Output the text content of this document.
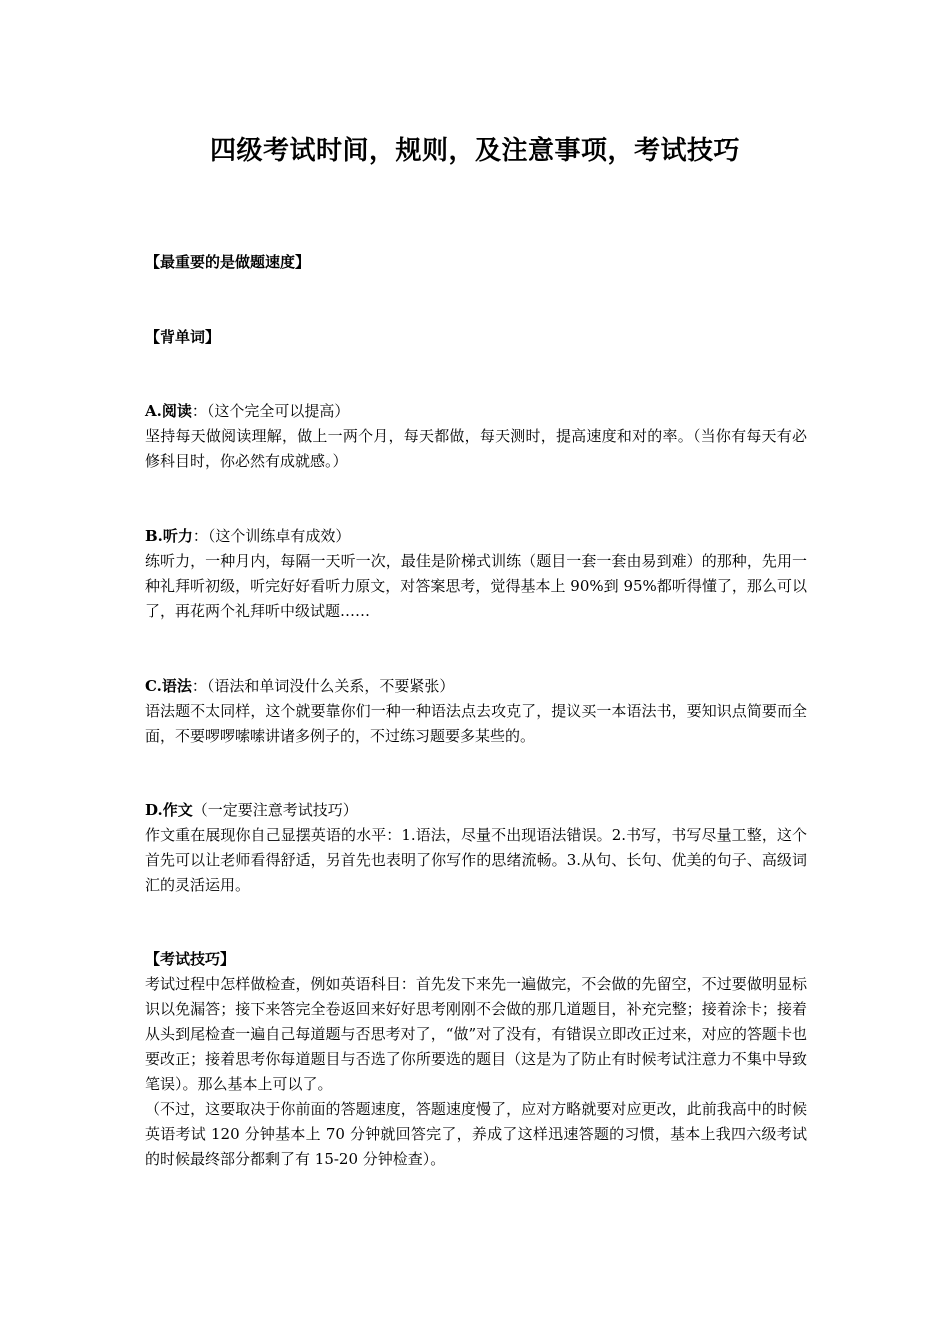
四级考试时间，规则，及注意事项，考试技巧
【最重要的是做题速度】
【背单词】
A.阅读：（这个完全可以提高）
坚持每天做阅读理解，做上一两个月，每天都做，每天测时，提高速度和对的率。（当你有每天有必修科目时，你必然有成就感。）
B.听力：（这个训练卓有成效）
练听力，一种月内，每隔一天听一次，最佳是阶梯式训练（题目一套一套由易到难）的那种，先用一种礼拜听初级，听完好好看听力原文，对答案思考，觉得基本上 90%到 95%都听得懂了，那么可以了，再花两个礼拜听中级试题……
C.语法：（语法和单词没什么关系，不要紧张）
语法题不太同样，这个就要靠你们一种一种语法点去攻克了，提议买一本语法书，要知识点简要而全面，不要啰啰嗦嗦讲诸多例子的，不过练习题要多某些的。
D.作文（一定要注意考试技巧）
作文重在展现你自己显摆英语的水平：1.语法，尽量不出现语法错误。2.书写，书写尽量工整，这个首先可以让老师看得舒适，另首先也表明了你写作的思绪流畅。3.从句、长句、优美的句子、高级词汇的灵活运用。
【考试技巧】
考试过程中怎样做检查，例如英语科目：首先发下来先一遍做完，不会做的先留空，不过要做明显标识以免漏答；接下来答完全卷返回来好好思考刚刚不会做的那几道题目，补充完整；接着涂卡；接着从头到尾检查一遍自己每道题与否思考对了，“做”对了没有，有错误立即改正过来，对应的答题卡也要改正；接着思考你每道题目与否选了你所要选的题目（这是为了防止有时候考试注意力不集中导致笔误）。那么基本上可以了。
（不过，这要取决于你前面的答题速度，答题速度慢了，应对方略就要对应更改，此前我高中的时候英语考试 120 分钟基本上 70 分钟就回答完了，养成了这样迅速答题的习惯，基本上我四六级考试的时候最终部分都剩了有 15-20 分钟检查）。
